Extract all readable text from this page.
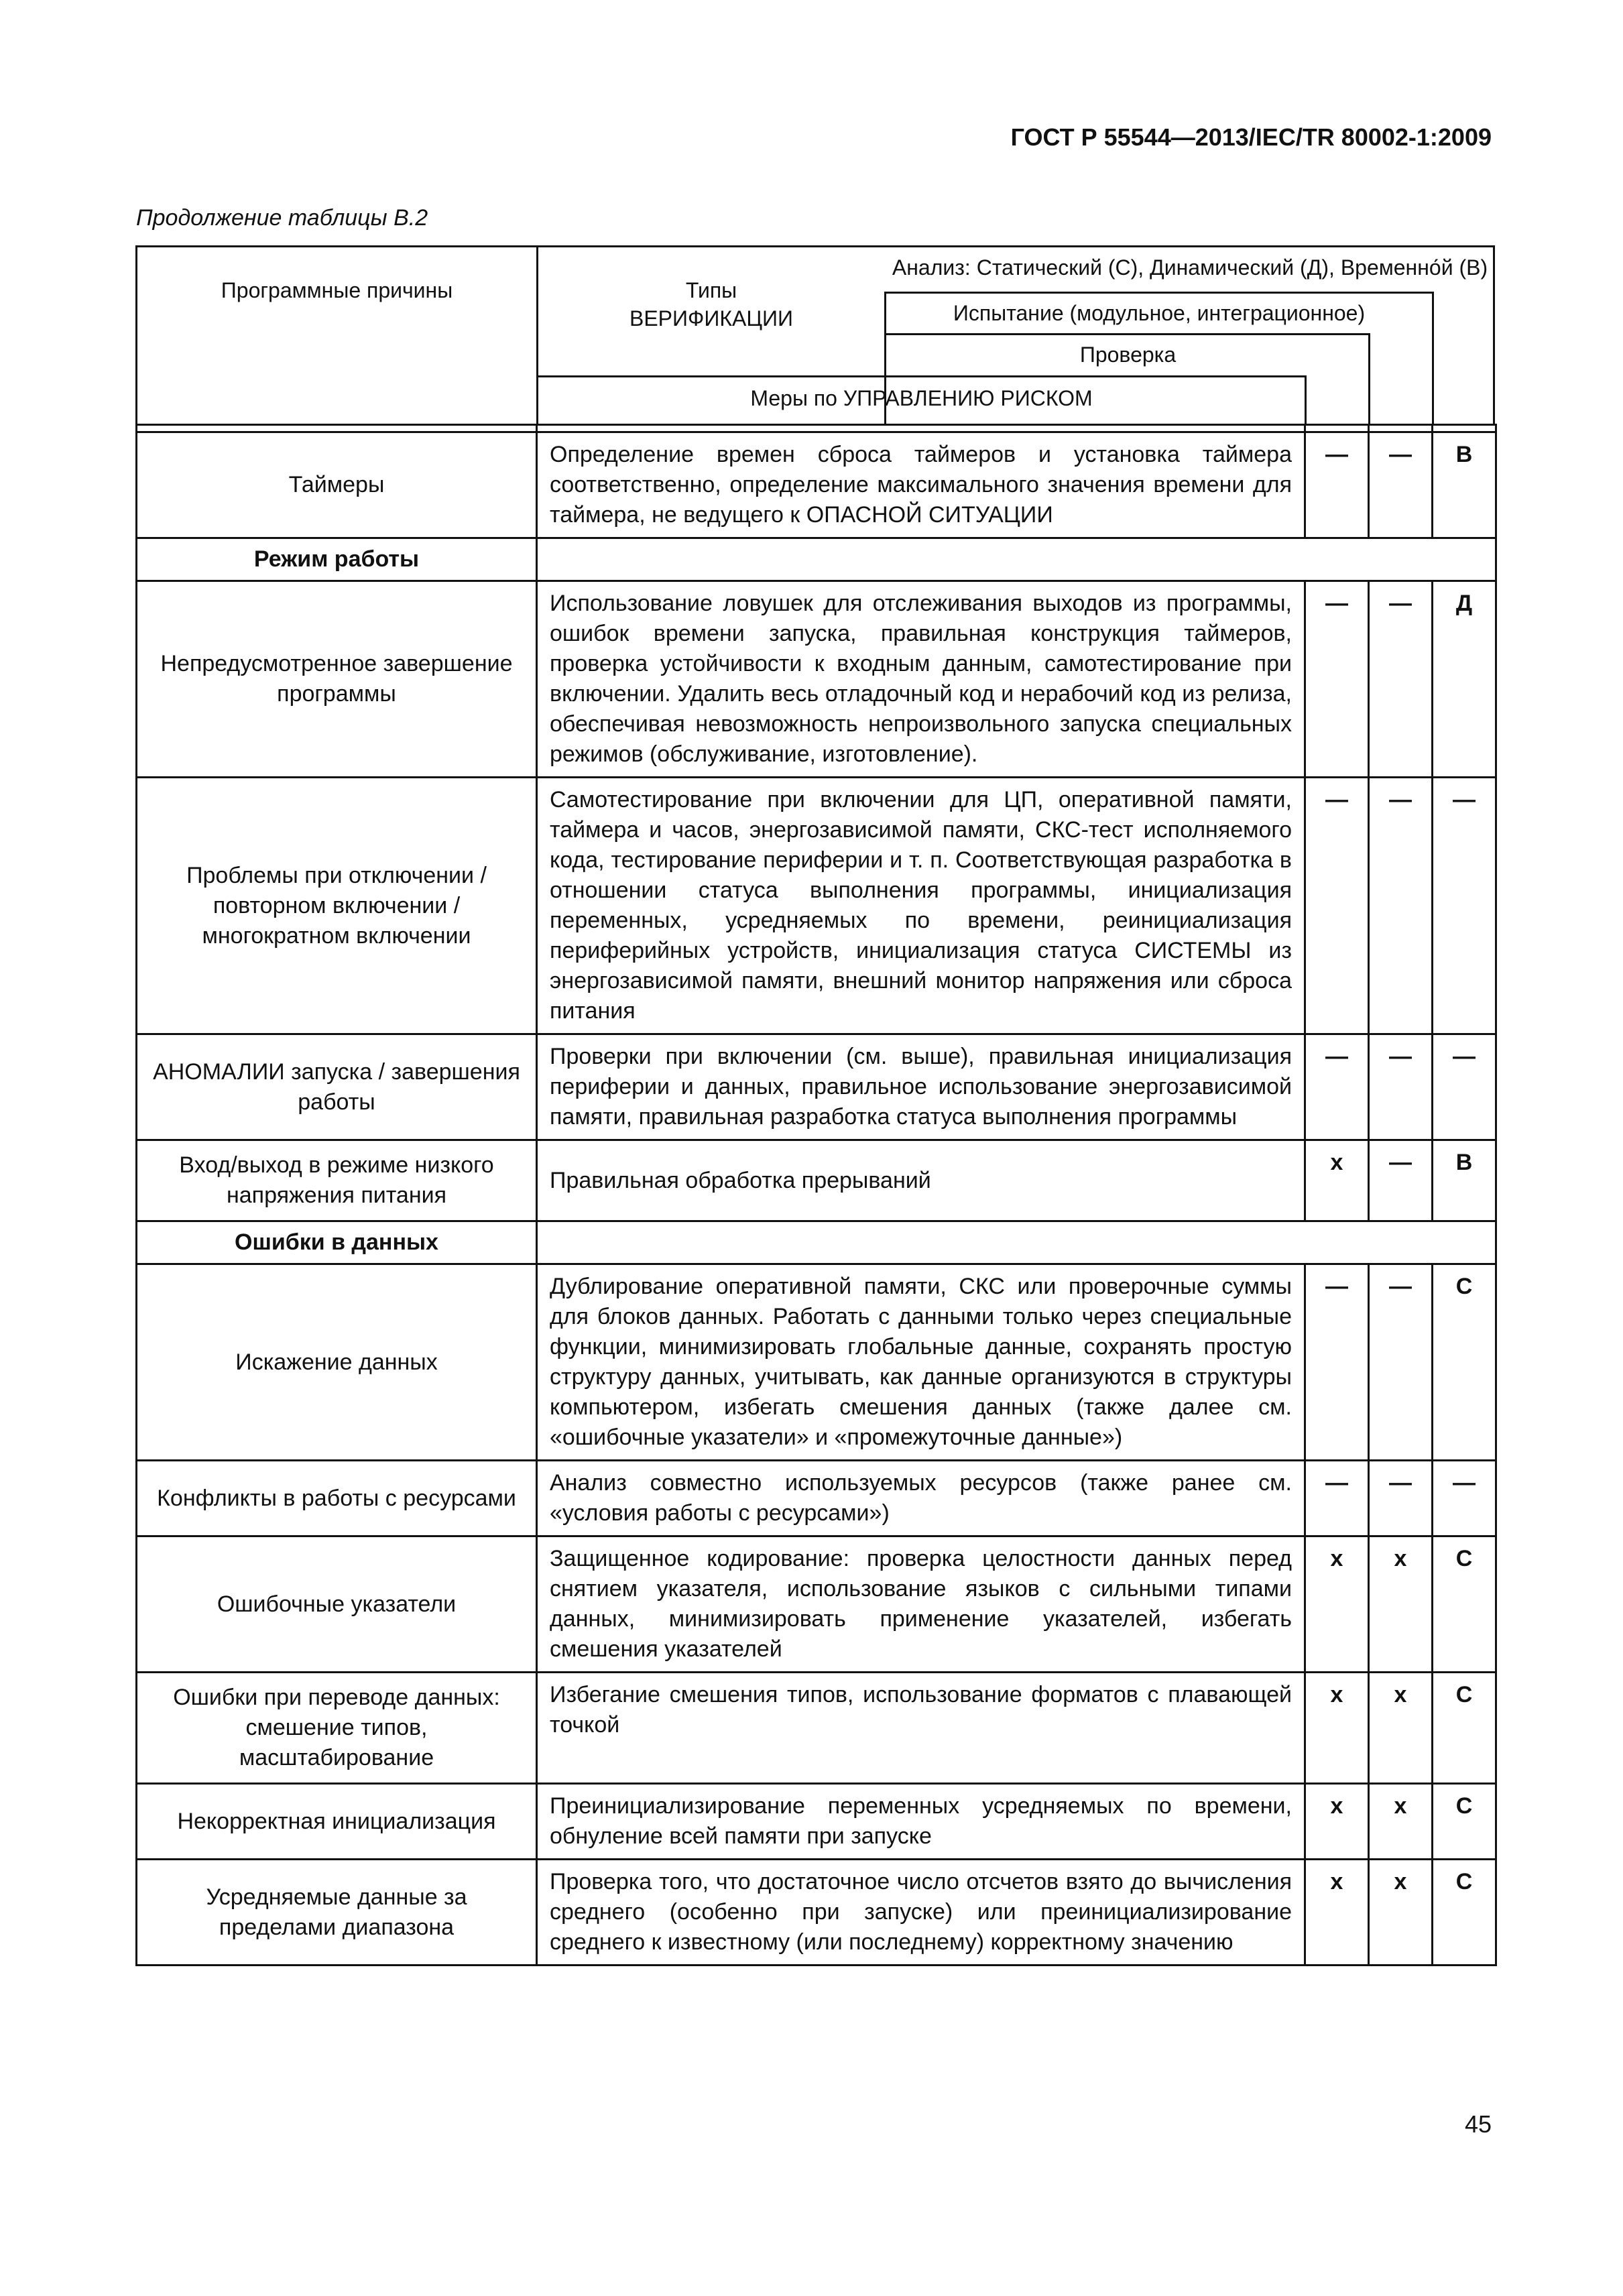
ГОСТ Р 55544—2013/IEC/TR 80002-1:2009
Продолжение таблицы В.2
Программные причины	Типы
ВЕРИФИКАЦИИ
Анализ: Статический (С), Динамический (Д), Временно́й (В)
Испытание (модульное, интеграционное)
Проверка
Меры по УПРАВЛЕНИЮ РИСКОМ

Таймеры	Определение времен сброса таймеров и установка таймера соответственно, определение максимального значения времени для таймера, не ведущего к ОПАСНОЙ СИТУАЦИИ	—	—	В
Режим работы				
Непредусмотренное завершение программы	Использование ловушек для отслеживания выходов из программы, ошибок времени запуска, правильная конструкция таймеров, проверка устойчивости к входным данным, самотестирование при включении. Удалить весь отладочный код и нерабочий код из релиза, обеспечивая невозможность непроизвольного запуска специальных режимов (обслуживание, изготовление).	—	—	Д
Проблемы при отключении / повторном включении / многократном включении	Самотестирование при включении для ЦП, оперативной памяти, таймера и часов, энергозависимой памяти, СКС-тест исполняемого кода, тестирование периферии и т. п. Соответствующая разработка в отношении статуса выполнения программы, инициализация переменных, усредняемых по времени, реинициализация периферийных устройств, инициализация статуса СИСТЕМЫ из энергозависимой памяти, внешний монитор напряжения или сброса питания	—	—	—
АНОМАЛИИ запуска / завершения работы	Проверки при включении (см. выше), правильная инициализация периферии и данных, правильное использование энергозависимой памяти, правильная разработка статуса выполнения программы	—	—	—
Вход/выход в режиме низкого напряжения питания	Правильная обработка прерываний	x	—	В
Ошибки в данных				
Искажение данных	Дублирование оперативной памяти, СКС или проверочные суммы для блоков данных. Работать с данными только через специальные функции, минимизировать глобальные данные, сохранять простую структуру данных, учитывать, как данные организуются в структуры компьютером, избегать смешения данных (также далее см. «ошибочные указатели» и «промежуточные данные»)	—	—	С
Конфликты в работы с ресурсами	Анализ совместно используемых ресурсов (также ранее см. «условия работы с ресурсами»)	—	—	—
Ошибочные указатели	Защищенное кодирование: проверка целостности данных перед снятием указателя, использование языков с сильными типами данных, минимизировать применение указателей, избегать смешения указателей	x	x	С
Ошибки при переводе данных: смешение типов, масштабирование	Избегание смешения типов, использование форматов с плавающей точкой	x	x	С
Некорректная инициализация	Преинициализирование переменных усредняемых по времени, обнуление всей памяти при запуске	x	x	С
Усредняемые данные за пределами диапазона	Проверка того, что достаточное число отсчетов взято до вычисления среднего (особенно при запуске) или преинициализирование среднего к известному (или последнему) корректному значению	x	x	С
45
